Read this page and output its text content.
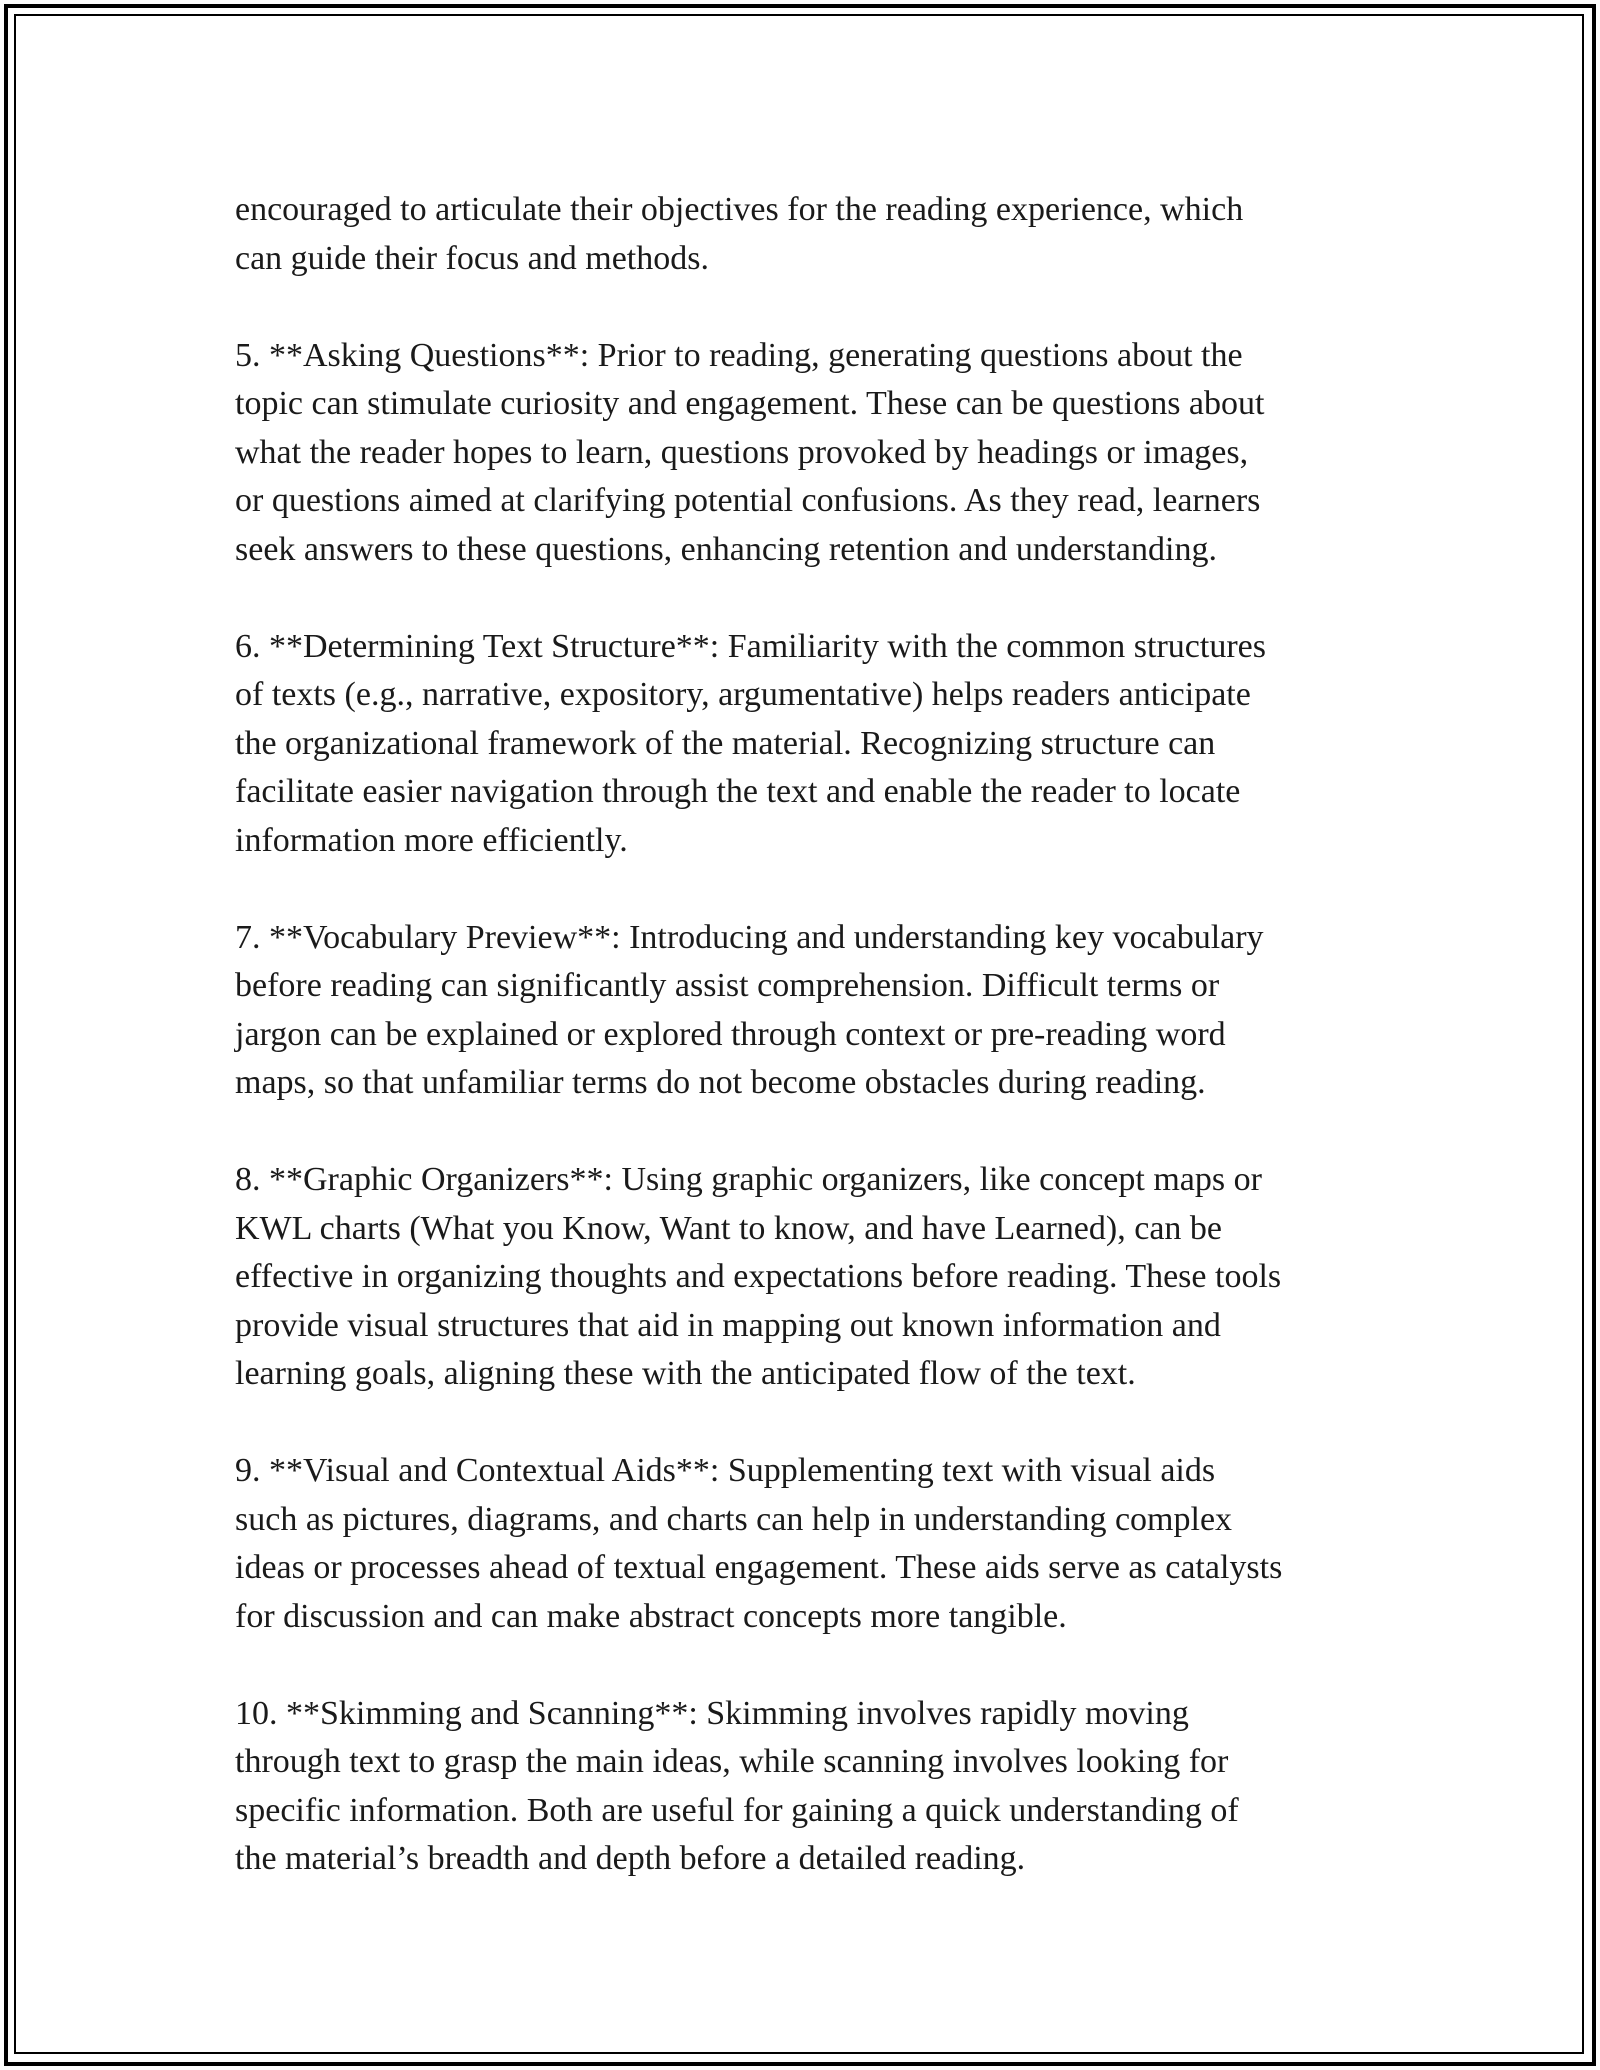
encouraged to articulate their objectives for the reading experience, which
can guide their focus and methods.

5. **Asking Questions**: Prior to reading, generating questions about the
topic can stimulate curiosity and engagement. These can be questions about
what the reader hopes to learn, questions provoked by headings or images,
or questions aimed at clarifying potential confusions. As they read, learners
seek answers to these questions, enhancing retention and understanding.

6. **Determining Text Structure**: Familiarity with the common structures
of texts (e.g., narrative, expository, argumentative) helps readers anticipate
the organizational framework of the material. Recognizing structure can
facilitate easier navigation through the text and enable the reader to locate
information more efficiently.

7. **Vocabulary Preview**: Introducing and understanding key vocabulary
before reading can significantly assist comprehension. Difficult terms or
jargon can be explained or explored through context or pre-reading word
maps, so that unfamiliar terms do not become obstacles during reading.

8. **Graphic Organizers**: Using graphic organizers, like concept maps or
KWL charts (What you Know, Want to know, and have Learned), can be
effective in organizing thoughts and expectations before reading. These tools
provide visual structures that aid in mapping out known information and
learning goals, aligning these with the anticipated flow of the text.

9. **Visual and Contextual Aids**: Supplementing text with visual aids
such as pictures, diagrams, and charts can help in understanding complex
ideas or processes ahead of textual engagement. These aids serve as catalysts
for discussion and can make abstract concepts more tangible.

10. **Skimming and Scanning**: Skimming involves rapidly moving
through text to grasp the main ideas, while scanning involves looking for
specific information. Both are useful for gaining a quick understanding of
the material’s breadth and depth before a detailed reading.
